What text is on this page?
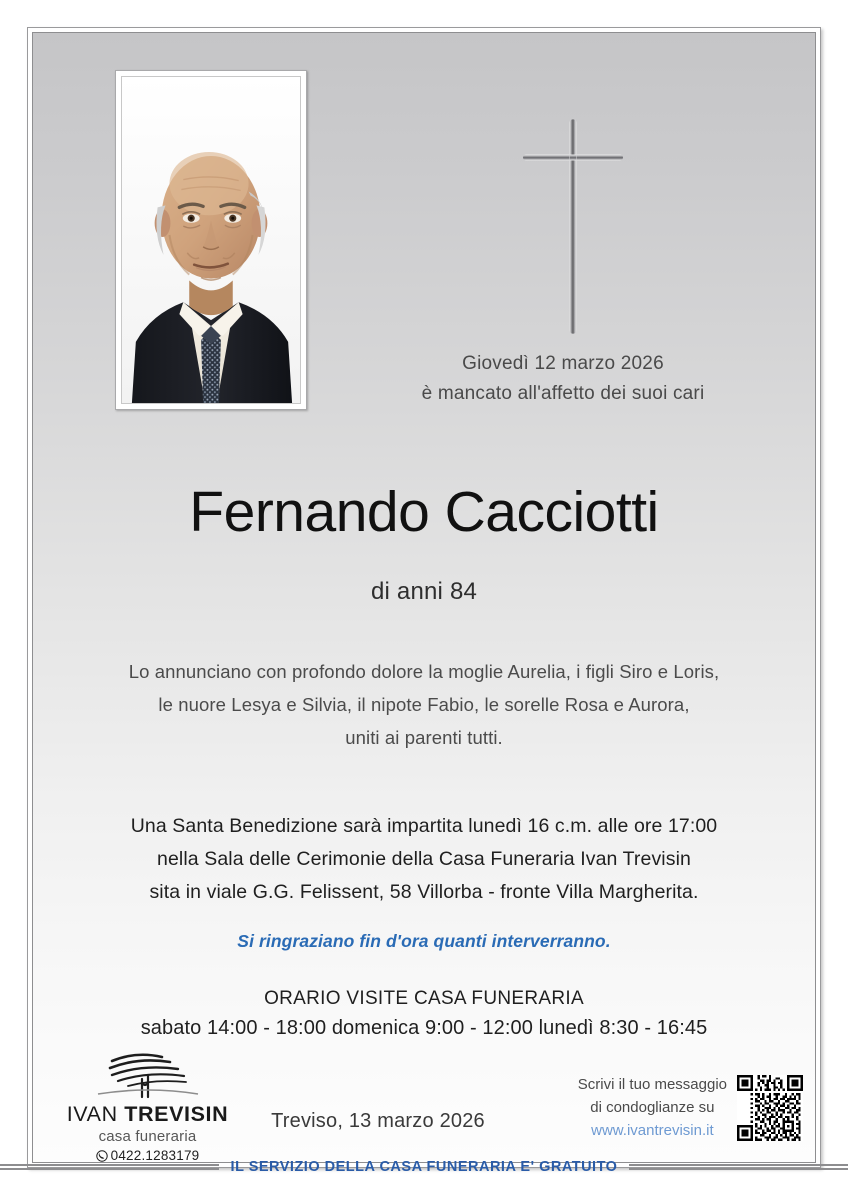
Giovedì 12 marzo 2026
è mancato all'affetto dei suoi cari
Fernando Cacciotti
di anni 84
Lo annunciano con profondo dolore la moglie Aurelia, i figli Siro e Loris,
le nuore Lesya e Silvia, il nipote Fabio, le sorelle Rosa e Aurora,
uniti ai parenti tutti.
Una Santa Benedizione sarà impartita lunedì 16 c.m. alle ore 17:00
nella Sala delle Cerimonie della Casa Funeraria Ivan Trevisin
sita in viale G.G. Felissent, 58 Villorba - fronte Villa Margherita.
Si ringraziano fin d'ora quanti interverranno.
ORARIO VISITE CASA FUNERARIA
sabato 14:00 - 18:00 domenica 9:00 - 12:00 lunedì 8:30 - 16:45
Treviso, 13 marzo 2026
IVAN TREVISIN
casa funeraria
0422.1283179
Scrivi il tuo messaggio
di condoglianze su
www.ivantrevisin.it
IL SERVIZIO DELLA CASA FUNERARIA E' GRATUITO
